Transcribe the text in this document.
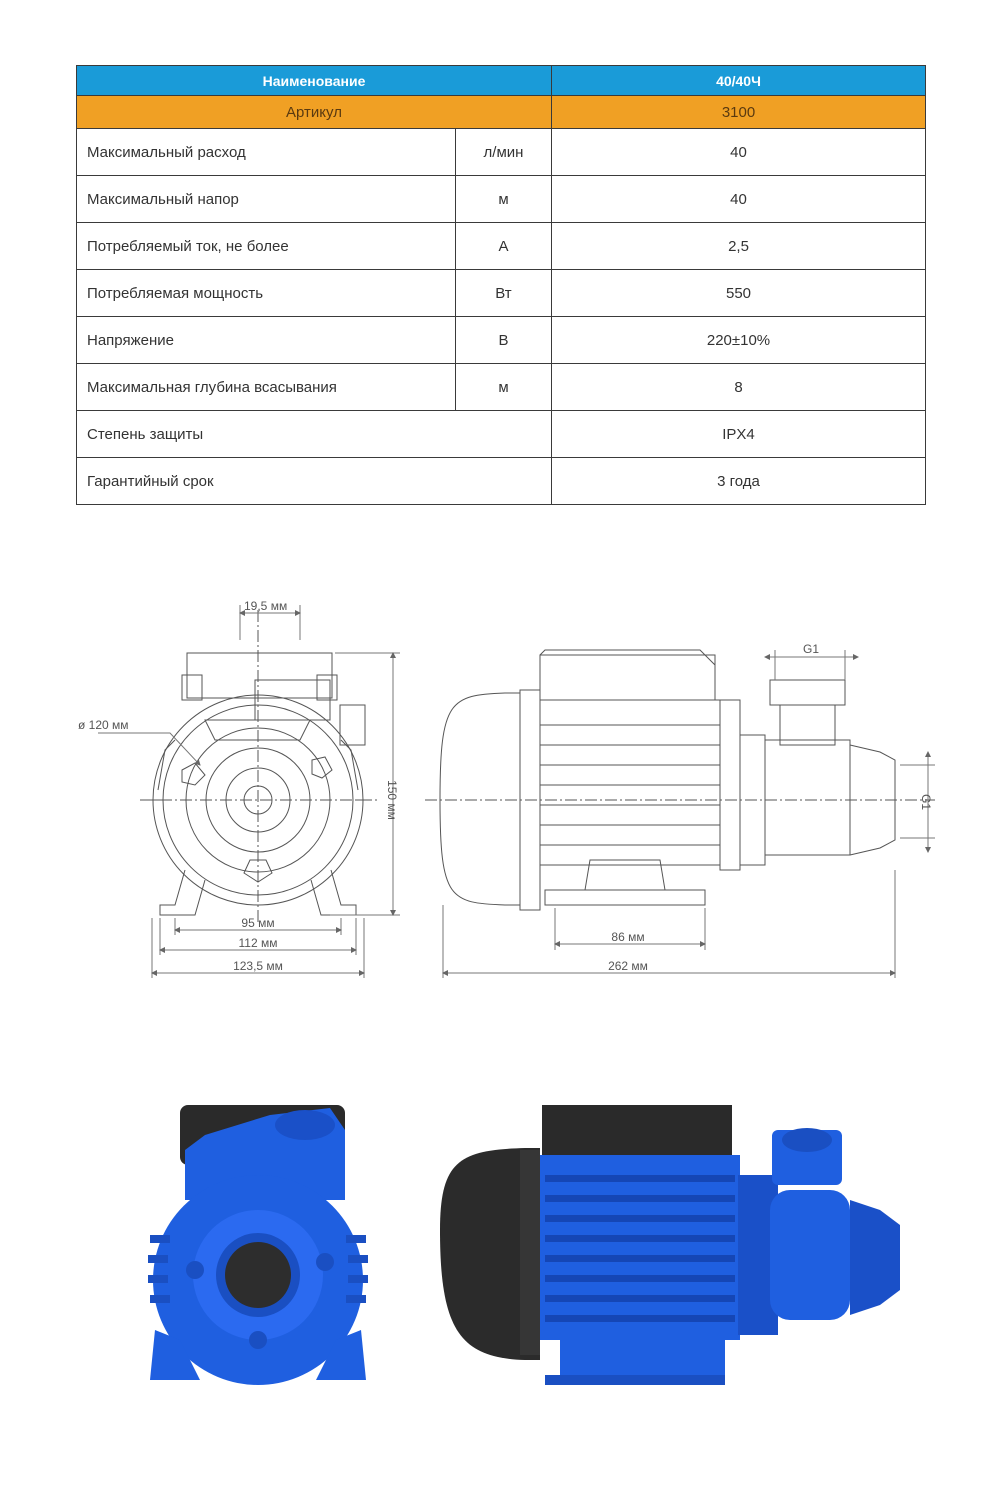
Наименование		40/40Ч
Артикул		3100
Максимальный расход	л/мин	40
Максимальный напор	м	40
Потребляемый ток, не более	А	2,5
Потребляемая мощность	Вт	550
Напряжение	В	220±10%
Максимальная глубина всасывания	м	8
Степень защиты		IPX4
Гарантийный срок		3 года
19,5 мм
ø 120 мм
150 мм
95 мм
112 мм
123,5 мм
G1
G1
86 мм
262 мм
